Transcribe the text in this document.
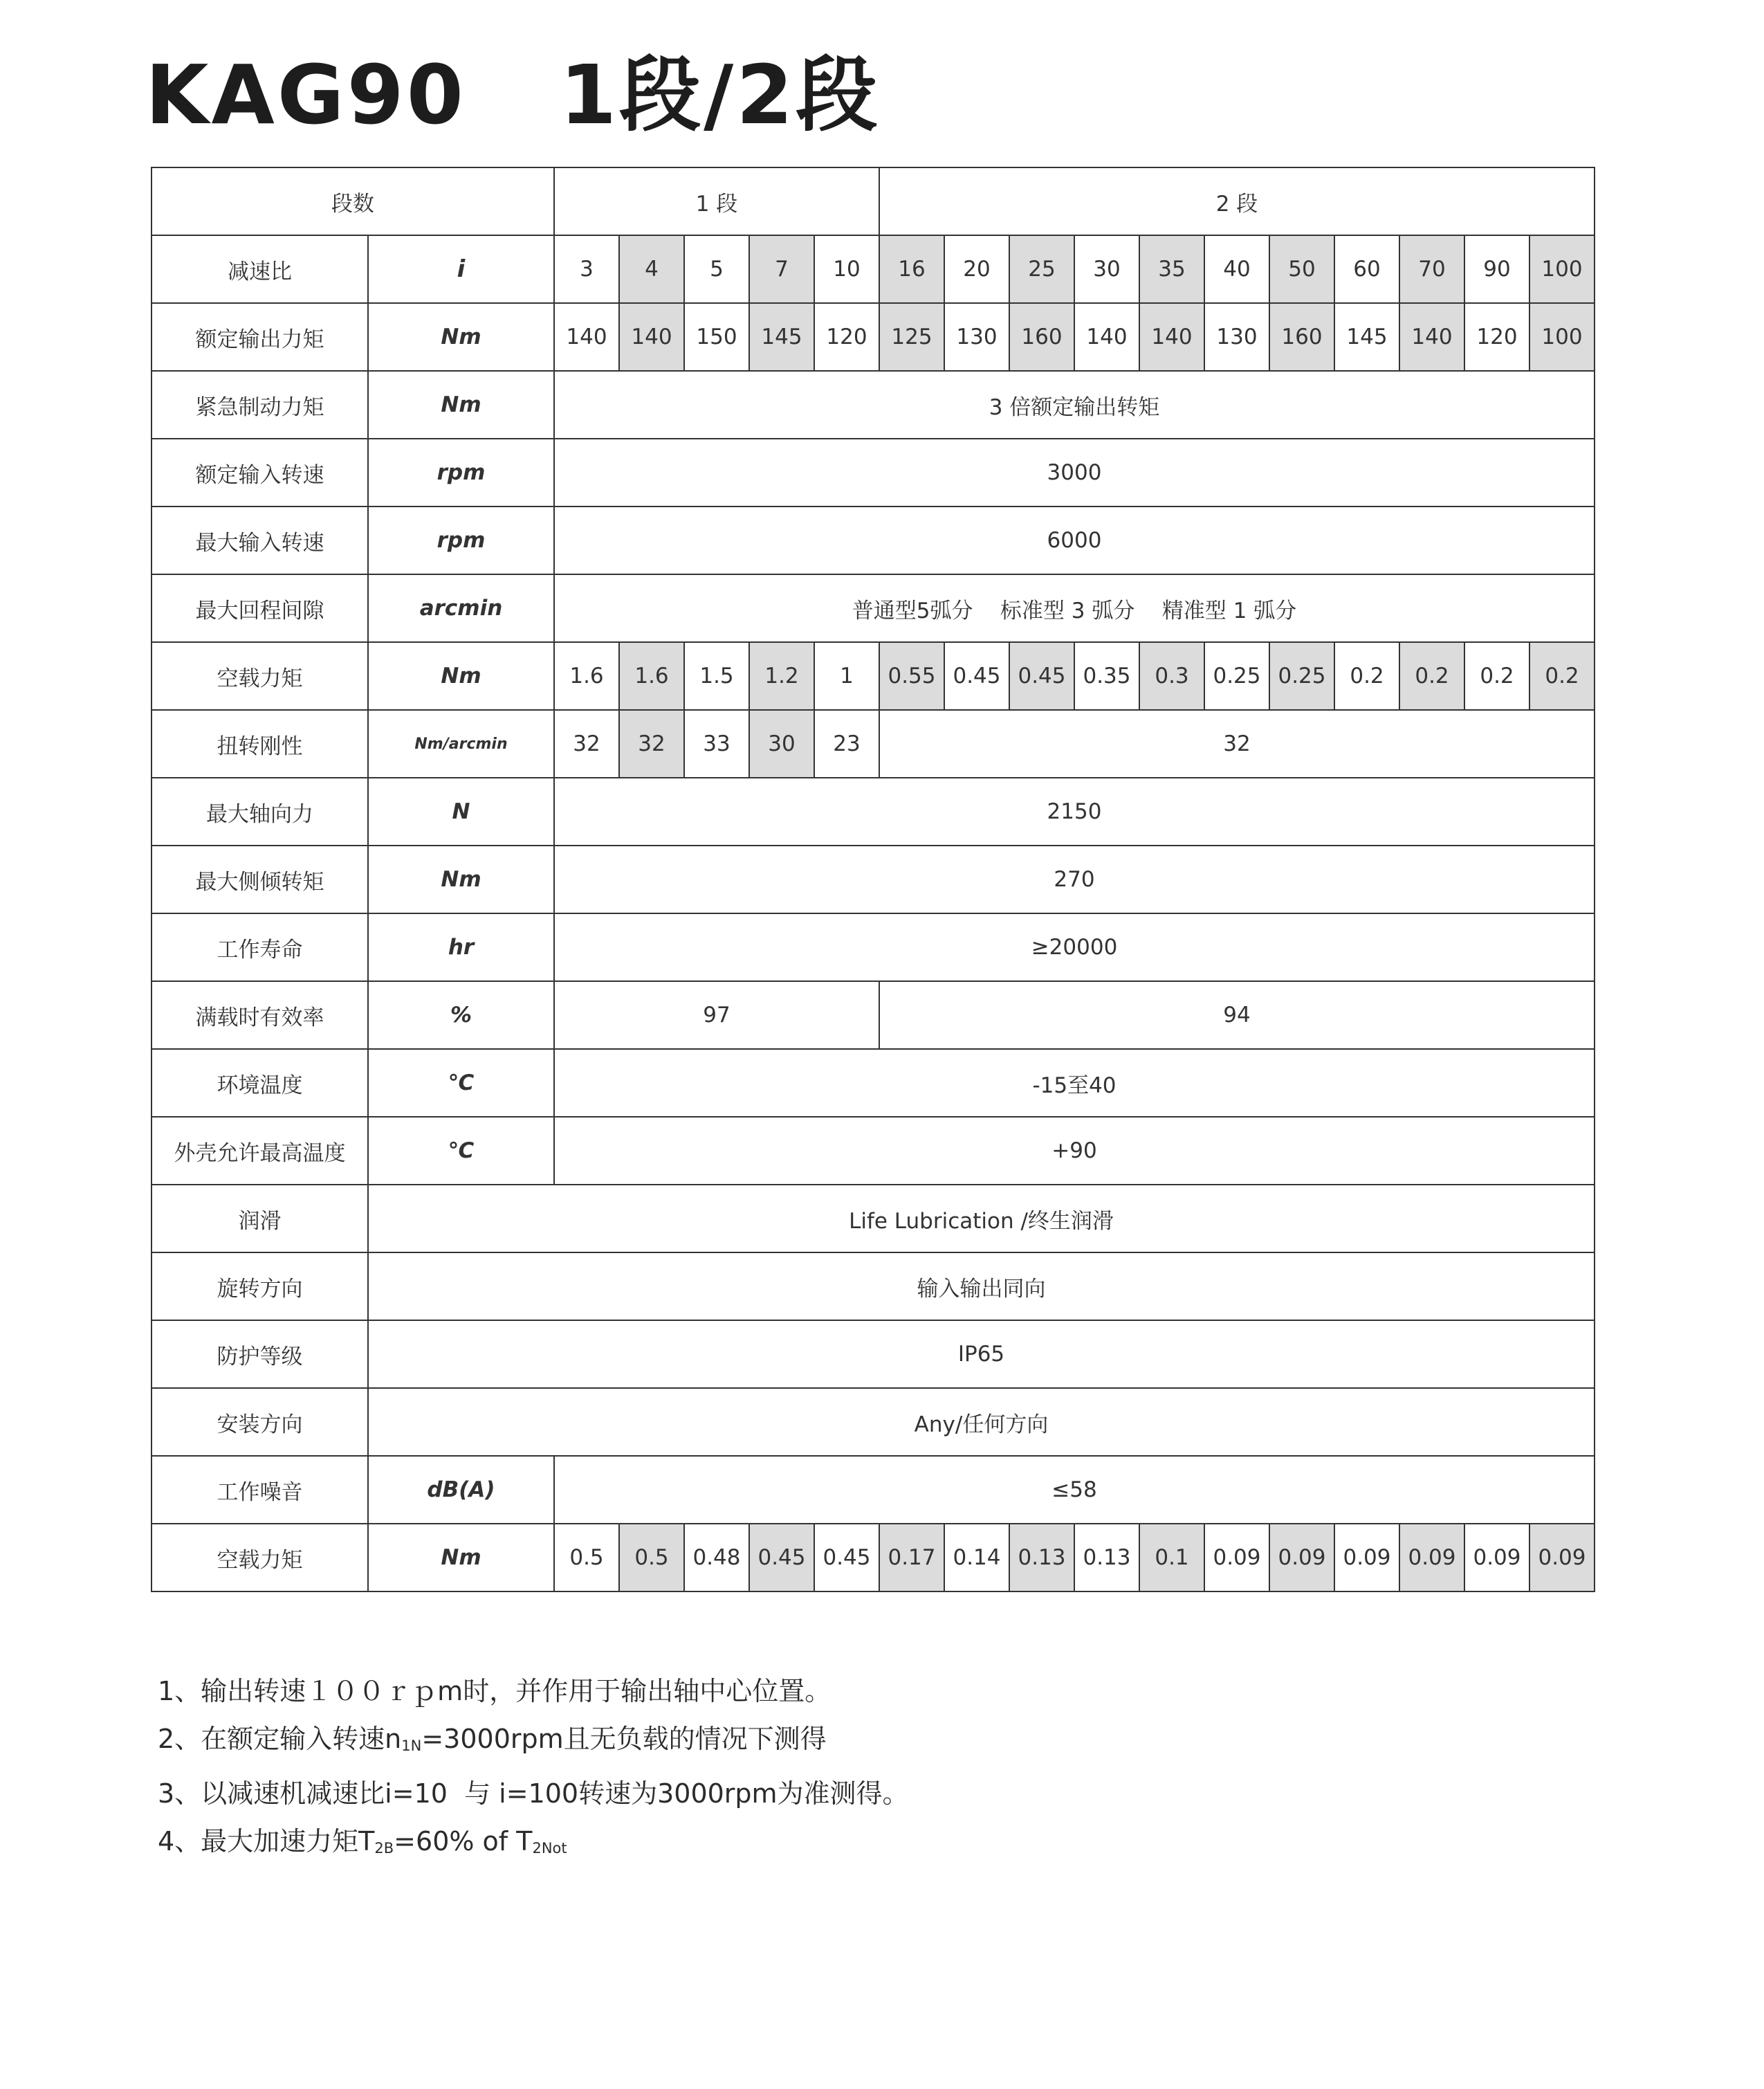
KAG90   1段/2段
段数		1 段					2 段										
减速比	i	3	4	5	7	10	16	20	25	30	35	40	50	60	70	90	100
额定输出力矩	Nm	140	140	150	145	120	125	130	160	140	140	130	160	145	140	120	100
紧急制动力矩	Nm	3 倍额定输出转矩															
额定输入转速	rpm	3000															
最大输入转速	rpm	6000															
最大回程间隙	arcmin	普通型5弧分    标准型 3 弧分    精准型 1 弧分															
空载力矩	Nm	1.6	1.6	1.5	1.2	1	0.55	0.45	0.45	0.35	0.3	0.25	0.25	0.2	0.2	0.2	0.2
扭转刚性	Nm/arcmin	32	32	33	30	23	32										
最大轴向力	N	2150															
最大侧倾转矩	Nm	270															
工作寿命	hr	≥20000															
满载时有效率	%	97					94										
环境温度	℃	-15至40															
外壳允许最高温度	℃	+90															
润滑	Life Lubrication /终生润滑																
旋转方向	输入输出同向																
防护等级	IP65																
安装方向	Any/任何方向																
工作噪音	dB(A)	≤58															
空载力矩	Nm	0.5	0.5	0.48	0.45	0.45	0.17	0.14	0.13	0.13	0.1	0.09	0.09	0.09	0.09	0.09	0.09
1、输出转速１００ｒｐm时，并作用于输出轴中心位置。
2、在额定输入转速$n_{1N}=3000rpm$且无负载的情况下测得
3、以减速机减速比i=10  与 i=100转速为3000rpm为准测得。
4、最大加速力矩$T_{2B}=60\%$ of $T_{2Not}$
